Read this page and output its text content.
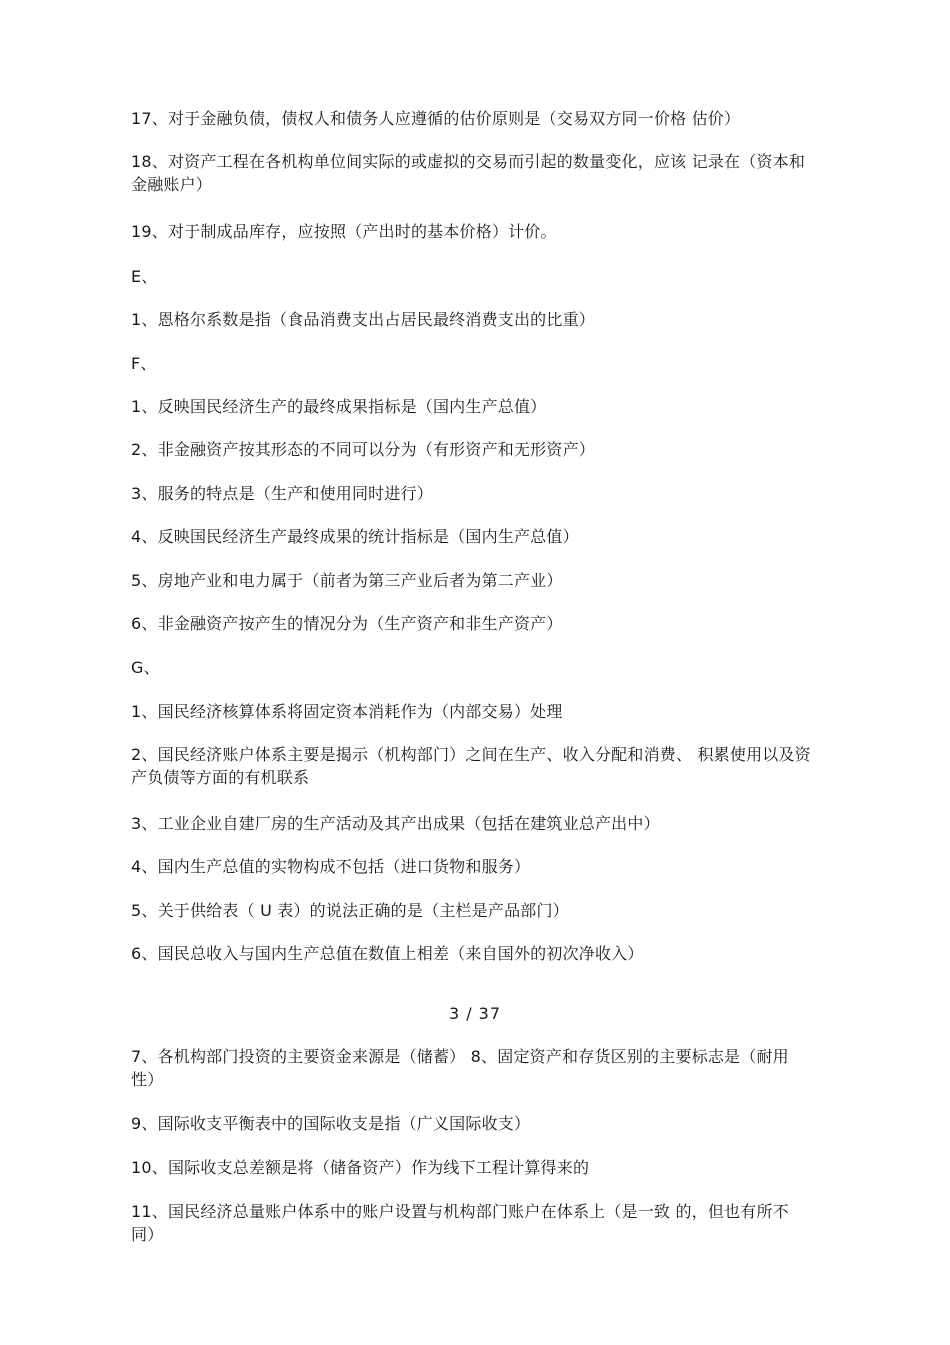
17、对于金融负债，债权人和债务人应遵循的估价原则是（交易双方同一价格 估价）
18、对资产工程在各机构单位间实际的或虚拟的交易而引起的数量变化，应该 记录在（资本和金融账户）
19、对于制成品库存，应按照（产出时的基本价格）计价。
E、
1、恩格尔系数是指（食品消费支出占居民最终消费支出的比重）
F、
1、反映国民经济生产的最终成果指标是（国内生产总值）
2、非金融资产按其形态的不同可以分为（有形资产和无形资产）
3、服务的特点是（生产和使用同时进行）
4、反映国民经济生产最终成果的统计指标是（国内生产总值）
5、房地产业和电力属于（前者为第三产业后者为第二产业）
6、非金融资产按产生的情况分为（生产资产和非生产资产）
G、
1、国民经济核算体系将固定资本消耗作为（内部交易）处理
2、国民经济账户体系主要是揭示（机构部门）之间在生产、收入分配和消费、 积累使用以及资产负债等方面的有机联系
3、工业企业自建厂房的生产活动及其产出成果（包括在建筑业总产出中）
4、国内生产总值的实物构成不包括（进口货物和服务）
5、关于供给表（ U 表）的说法正确的是（主栏是产品部门）
6、国民总收入与国内生产总值在数值上相差（来自国外的初次净收入）
3 / 37
7、各机构部门投资的主要资金来源是（储蓄） 8、固定资产和存货区别的主要标志是（耐用性）
9、国际收支平衡表中的国际收支是指（广义国际收支）
10、国际收支总差额是将（储备资产）作为线下工程计算得来的
11、国民经济总量账户体系中的账户设置与机构部门账户在体系上（是一致 的，但也有所不同）
